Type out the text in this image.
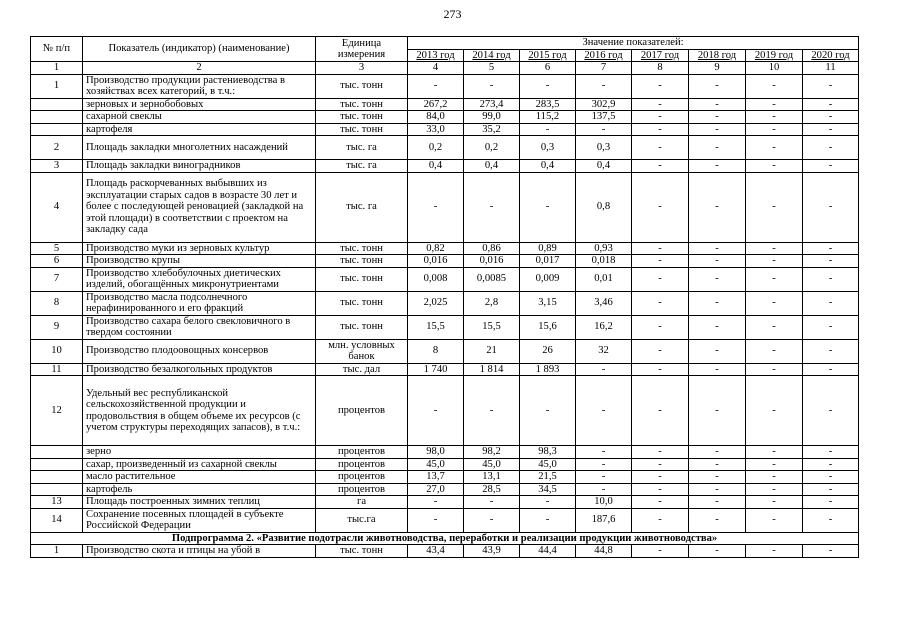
273
№ п/п	Показатель (индикатор) (наименование)	Единица измерения	Значение показателей:							
			2013 год	2014 год	2015 год	2016 год	2017 год	2018 год	2019 год	2020 год
1	2	3	4	5	6	7	8	9	10	11
1	Производство продукции растениеводства в хозяйствах всех категорий, в т.ч.:	тыс. тонн	-	-	-	-	-	-	-	-
	зерновых и зернобобовых	тыс. тонн	267,2	273,4	283,5	302,9	-	-	-	-
	сахарной свеклы	тыс. тонн	84,0	99,0	115,2	137,5	-	-	-	-
	картофеля	тыс. тонн	33,0	35,2	-	-	-	-	-	-
2	Площадь закладки многолетних насаждений	тыс. га	0,2	0,2	0,3	0,3	-	-	-	-
3	Площадь закладки виноградников	тыс. га	0,4	0,4	0,4	0,4	-	-	-	-
4	Площадь раскорчеванных выбывших из эксплуатации старых садов в возрасте 30 лет и более с последующей реновацией (закладкой на этой площади) в соответствии с проектом на закладку сада	тыс. га	-	-	-	0,8	-	-	-	-
5	Производство муки из зерновых культур	тыс. тонн	0,82	0,86	0,89	0,93	-	-	-	-
6	Производство крупы	тыс. тонн	0,016	0,016	0,017	0,018	-	-	-	-
7	Производство хлебобулочных диетических изделий, обогащённых микронутриентами	тыс. тонн	0,008	0,0085	0,009	0,01	-	-	-	-
8	Производство масла подсолнечного нерафинированного и его фракций	тыс. тонн	2,025	2,8	3,15	3,46	-	-	-	-
9	Производство сахара белого свекловичного в твердом состоянии	тыс. тонн	15,5	15,5	15,6	16,2	-	-	-	-
10	Производство плодоовощных консервов	млн. условных банок	8	21	26	32	-	-	-	-
11	Производство безалкогольных продуктов	тыс. дал	1 740	1 814	1 893	-	-	-	-	-
12	Удельный вес республиканской сельскохозяйственной продукции и продовольствия в общем объеме их ресурсов (с учетом структуры переходящих запасов), в т.ч.:	процентов	-	-	-	-	-	-	-	-
	зерно	процентов	98,0	98,2	98,3	-	-	-	-	-
	сахар, произведенный из сахарной свеклы	процентов	45,0	45,0	45,0	-	-	-	-	-
	масло растительное	процентов	13,7	13,1	21,5	-	-	-	-	-
	картофель	процентов	27,0	28,5	34,5	-	-	-	-	-
13	Площадь построенных зимних теплиц	га	-	-	-	10,0	-	-	-	-
14	Сохранение посевных площадей в субъекте Российской Федерации	тыс.га	-	-	-	187,6	-	-	-	-
Подпрограмма 2. «Развитие подотрасли животноводства, переработки и реализации продукции животноводства»										
1	Производство скота и птицы на убой в	тыс. тонн	43,4	43,9	44,4	44,8	-	-	-	-
